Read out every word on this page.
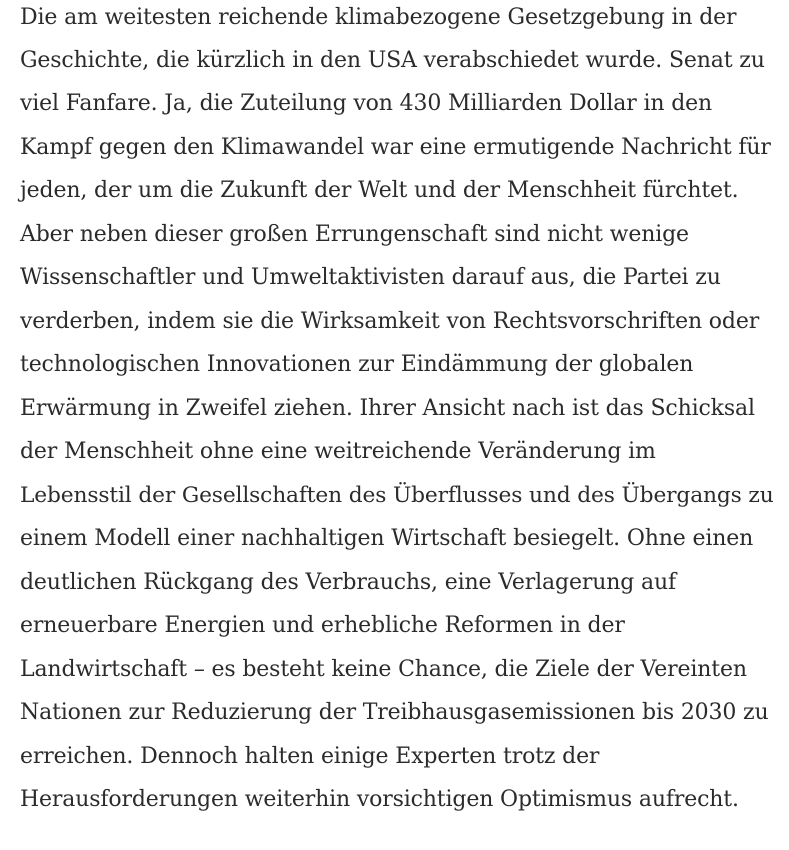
Die am weitesten reichende klimabezogene Gesetzgebung in der
Geschichte, die kürzlich in den USA verabschiedet wurde. Senat zu
viel Fanfare. Ja, die Zuteilung von 430 Milliarden Dollar in den
Kampf gegen den Klimawandel war eine ermutigende Nachricht für
jeden, der um die Zukunft der Welt und der Menschheit fürchtet.
Aber neben dieser großen Errungenschaft sind nicht wenige
Wissenschaftler und Umweltaktivisten darauf aus, die Partei zu
verderben, indem sie die Wirksamkeit von Rechtsvorschriften oder
technologischen Innovationen zur Eindämmung der globalen
Erwärmung in Zweifel ziehen. Ihrer Ansicht nach ist das Schicksal
der Menschheit ohne eine weitreichende Veränderung im
Lebensstil der Gesellschaften des Überflusses und des Übergangs zu
einem Modell einer nachhaltigen Wirtschaft besiegelt. Ohne einen
deutlichen Rückgang des Verbrauchs, eine Verlagerung auf
erneuerbare Energien und erhebliche Reformen in der
Landwirtschaft – es besteht keine Chance, die Ziele der Vereinten
Nationen zur Reduzierung der Treibhausgasemissionen bis 2030 zu
erreichen. Dennoch halten einige Experten trotz der
Herausforderungen weiterhin vorsichtigen Optimismus aufrecht.
